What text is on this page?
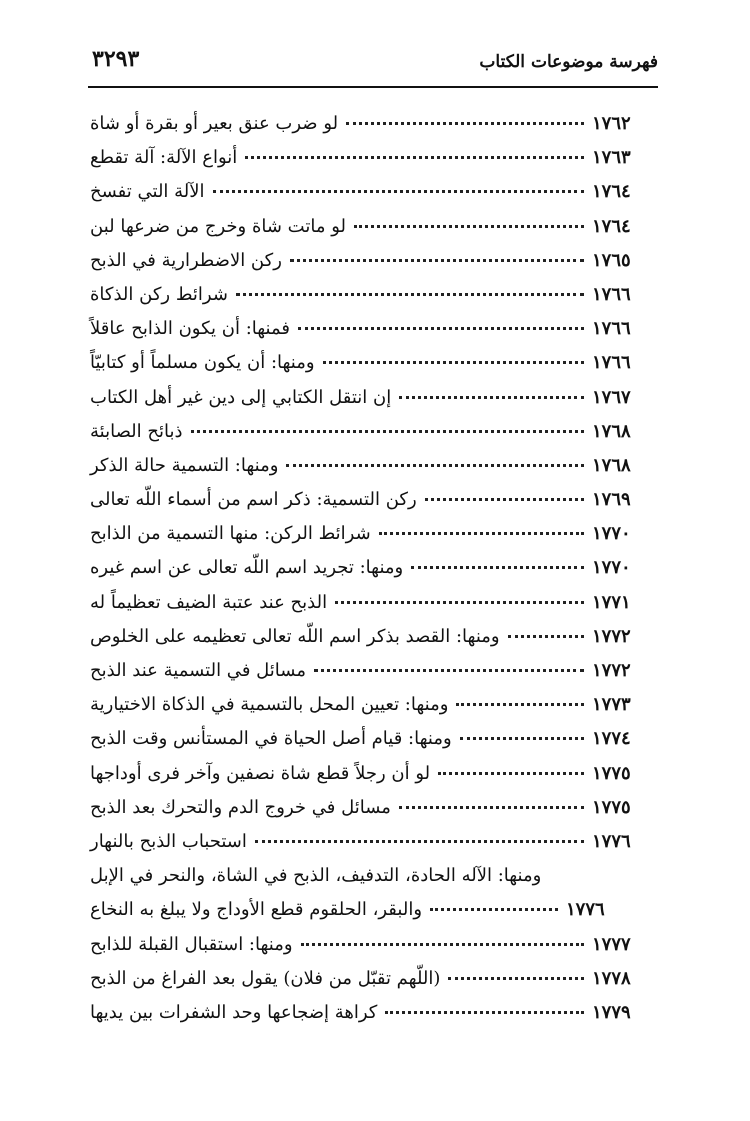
فهرسة موضوعات الكتاب
٣٢٩٣
لو ضرب عنق بعير أو بقرة أو شاة	١٧٦٢
أنواع الآلة: آلة تقطع	١٧٦٣
الآلة التي تفسخ	١٧٦٤
لو ماتت شاة وخرج من ضرعها لبن	١٧٦٤
ركن الاضطرارية في الذبح	١٧٦٥
شرائط ركن الذكاة	١٧٦٦
فمنها: أن يكون الذابح عاقلاً	١٧٦٦
ومنها: أن يكون مسلماً أو كتابيّاً	١٧٦٦
إن انتقل الكتابي إلى دين غير أهل الكتاب	١٧٦٧
ذبائح الصابئة	١٧٦٨
ومنها: التسمية حالة الذكر	١٧٦٨
ركن التسمية: ذكر اسم من أسماء اللّه تعالى	١٧٦٩
شرائط الركن: منها التسمية من الذابح	١٧٧٠
ومنها: تجريد اسم اللّه تعالى عن اسم غيره	١٧٧٠
الذبح عند عتبة الضيف تعظيماً له	١٧٧١
ومنها: القصد بذكر اسم اللّه تعالى تعظيمه على الخلوص	١٧٧٢
مسائل في التسمية عند الذبح	١٧٧٢
ومنها: تعيين المحل بالتسمية في الذكاة الاختيارية	١٧٧٣
ومنها: قيام أصل الحياة في المستأنس وقت الذبح	١٧٧٤
لو أن رجلاً قطع شاة نصفين وآخر فرى أوداجها	١٧٧٥
مسائل في خروج الدم والتحرك بعد الذبح	١٧٧٥
استحباب الذبح بالنهار	١٧٧٦
ومنها: الآله الحادة، التدفيف، الذبح في الشاة، والنحر في الإبل
والبقر، الحلقوم قطع الأوداج ولا يبلغ به النخاع	١٧٧٦
ومنها: استقبال القبلة للذابح	١٧٧٧
(اللّهم تقبّل من فلان) يقول بعد الفراغ من الذبح	١٧٧٨
كراهة إضجاعها وحد الشفرات بين يديها	١٧٧٩
